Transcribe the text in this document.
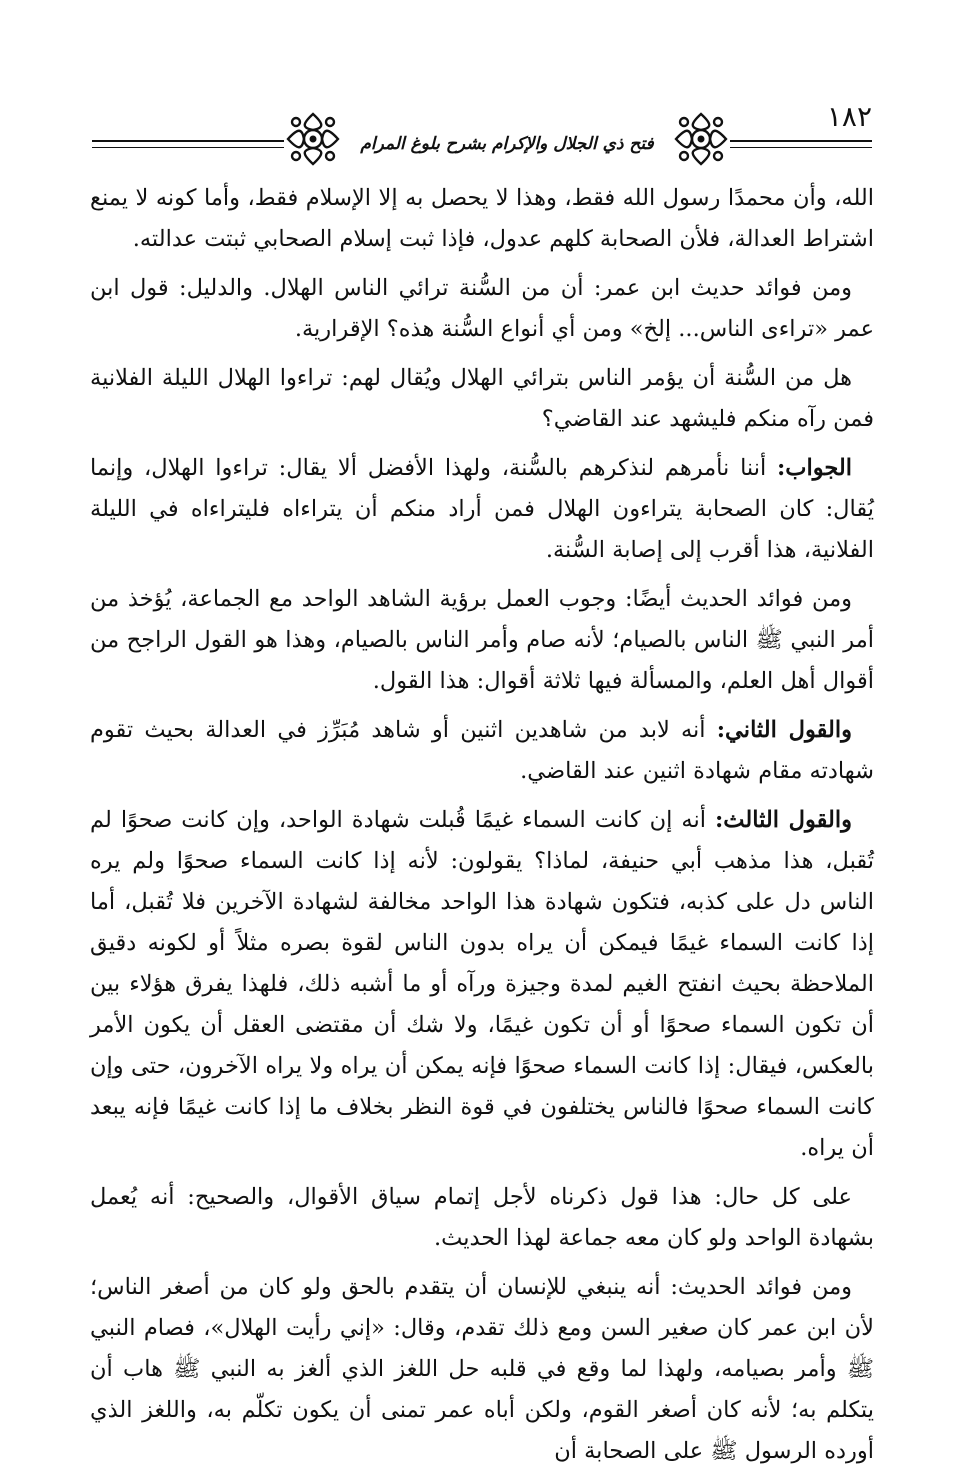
١٨٢
فتح ذي الجلال والإكرام بشرح بلوغ المرام

الله، وأن محمدًا رسول الله فقط، وهذا لا يحصل به إلا الإسلام فقط، وأما كونه لا يمنع اشتراط العدالة، فلأن الصحابة كلهم عدول، فإذا ثبت إسلام الصحابي ثبتت عدالته.

ومن فوائد حديث ابن عمر: أن من السُّنة ترائي الناس الهلال. والدليل: قول ابن عمر «تراءى الناس... إلخ» ومن أي أنواع السُّنة هذه؟ الإقرارية.

هل من السُّنة أن يؤمر الناس بترائي الهلال ويُقال لهم: تراءوا الهلال الليلة الفلانية فمن رآه منكم فليشهد عند القاضي؟

الجواب: أننا نأمرهم لنذكرهم بالسُّنة، ولهذا الأفضل ألا يقال: تراءوا الهلال، وإنما يُقال: كان الصحابة يتراءون الهلال فمن أراد منكم أن يتراءاه فليتراءاه في الليلة الفلانية، هذا أقرب إلى إصابة السُّنة.

ومن فوائد الحديث أيضًا: وجوب العمل برؤية الشاهد الواحد مع الجماعة، يُؤخذ من أمر النبي ﷺ الناس بالصيام؛ لأنه صام وأمر الناس بالصيام، وهذا هو القول الراجح من أقوال أهل العلم، والمسألة فيها ثلاثة أقوال: هذا القول.

والقول الثاني: أنه لابد من شاهدين اثنين أو شاهد مُبَرِّز في العدالة بحيث تقوم شهادته مقام شهادة اثنين عند القاضي.

والقول الثالث: أنه إن كانت السماء غيمًا قُبلت شهادة الواحد، وإن كانت صحوًا لم تُقبل، هذا مذهب أبي حنيفة، لماذا؟ يقولون: لأنه إذا كانت السماء صحوًا ولم يره الناس دل على كذبه، فتكون شهادة هذا الواحد مخالفة لشهادة الآخرين فلا تُقبل، أما إذا كانت السماء غيمًا فيمكن أن يراه بدون الناس لقوة بصره مثلاً أو لكونه دقيق الملاحظة بحيث انفتح الغيم لمدة وجيزة ورآه أو ما أشبه ذلك، فلهذا يفرق هؤلاء بين أن تكون السماء صحوًا أو أن تكون غيمًا، ولا شك أن مقتضى العقل أن يكون الأمر بالعكس، فيقال: إذا كانت السماء صحوًا فإنه يمكن أن يراه ولا يراه الآخرون، حتى وإن كانت السماء صحوًا فالناس يختلفون في قوة النظر بخلاف ما إذا كانت غيمًا فإنه يبعد أن يراه.

على كل حال: هذا قول ذكرناه لأجل إتمام سياق الأقوال، والصحيح: أنه يُعمل بشهادة الواحد ولو كان معه جماعة لهذا الحديث.

ومن فوائد الحديث: أنه ينبغي للإنسان أن يتقدم بالحق ولو كان من أصغر الناس؛ لأن ابن عمر كان صغير السن ومع ذلك تقدم، وقال: «إني رأيت الهلال»، فصام النبي ﷺ وأمر بصيامه، ولهذا لما وقع في قلبه حل اللغز الذي ألغز به النبي ﷺ هاب أن يتكلم به؛ لأنه كان أصغر القوم، ولكن أباه عمر تمنى أن يكون تكلّم به، واللغز الذي أورده الرسول ﷺ على الصحابة أن
